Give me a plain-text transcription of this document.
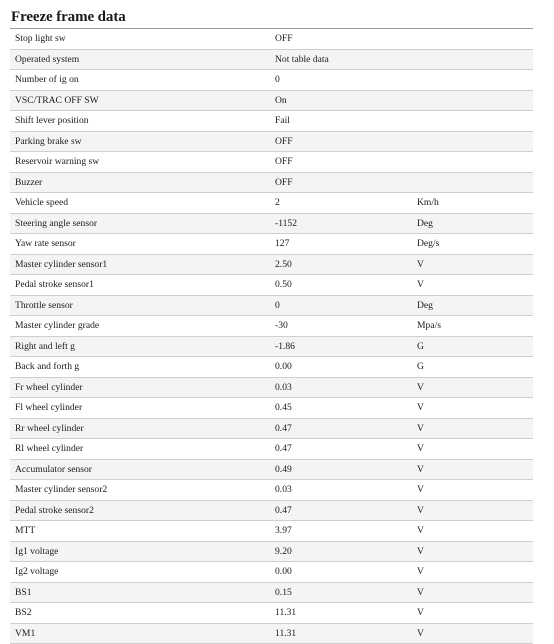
Freeze frame data
Stop light sw	OFF	
Operated system	Not table data	
Number of ig on	0	
VSC/TRAC OFF SW	On	
Shift lever position	Fail	
Parking brake sw	OFF	
Reservoir warning sw	OFF	
Buzzer	OFF	
Vehicle speed	2	Km/h
Steering angle sensor	-1152	Deg
Yaw rate sensor	127	Deg/s
Master cylinder sensor1	2.50	V
Pedal stroke sensor1	0.50	V
Throttle sensor	0	Deg
Master cylinder grade	-30	Mpa/s
Right and left g	-1.86	G
Back and forth g	0.00	G
Fr wheel cylinder	0.03	V
Fl wheel cylinder	0.45	V
Rr wheel cylinder	0.47	V
Rl wheel cylinder	0.47	V
Accumulator sensor	0.49	V
Master cylinder sensor2	0.03	V
Pedal stroke sensor2	0.47	V
MTT	3.97	V
Ig1 voltage	9.20	V
Ig2 voltage	0.00	V
BS1	0.15	V
BS2	11.31	V
VM1	11.31	V
